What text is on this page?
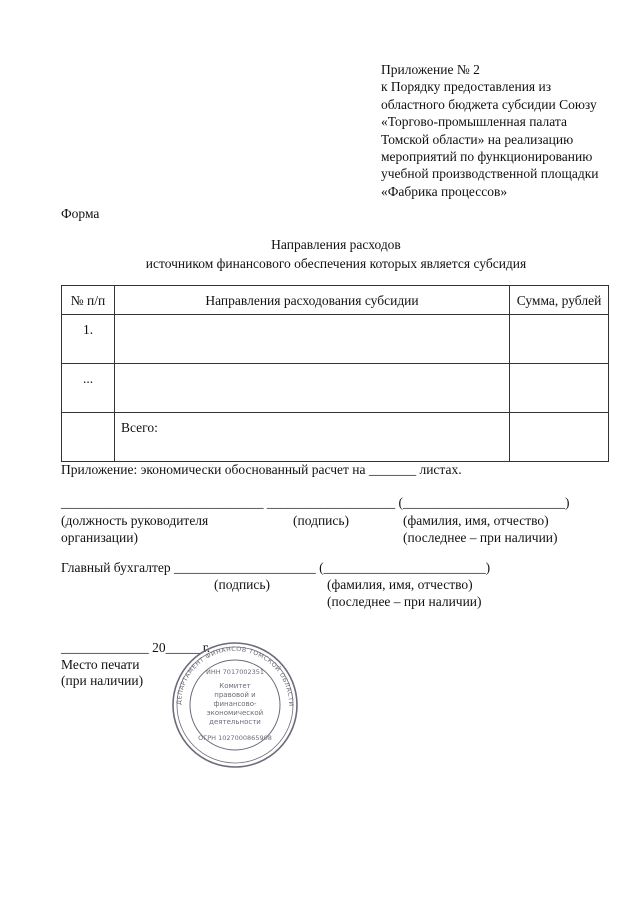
Приложение № 2
к Порядку предоставления из
областного бюджета субсидии Союзу
«Торгово-промышленная палата
Томской области» на реализацию
мероприятий по функционированию
учебной производственной площадки
«Фабрика процессов»
Форма
Направления расходов
источником финансового обеспечения которых является субсидия
№ п/п	Направления расходования субсидии	Сумма, рублей
1.		
...		
	Всего:	
Приложение: экономически обоснованный расчет на _______ листах.
______________________________ ___________________ (________________________)
(должность руководителя
организации)
(подпись)	(фамилия, имя, отчество)
(последнее – при наличии)
Главный бухгалтер _____________________ (________________________)
(подпись)	(фамилия, имя, отчество)
(последнее – при наличии)
_____________ 20_____ г.
Место печати
(при наличии)
ДЕПАРТАМЕНТ ФИНАНСОВ ТОМСКОЙ ОБЛАСТИ
ИНН 7017002351
Комитет
правовой и
финансово-
экономической
деятельности
ОГРН 1027000865908
